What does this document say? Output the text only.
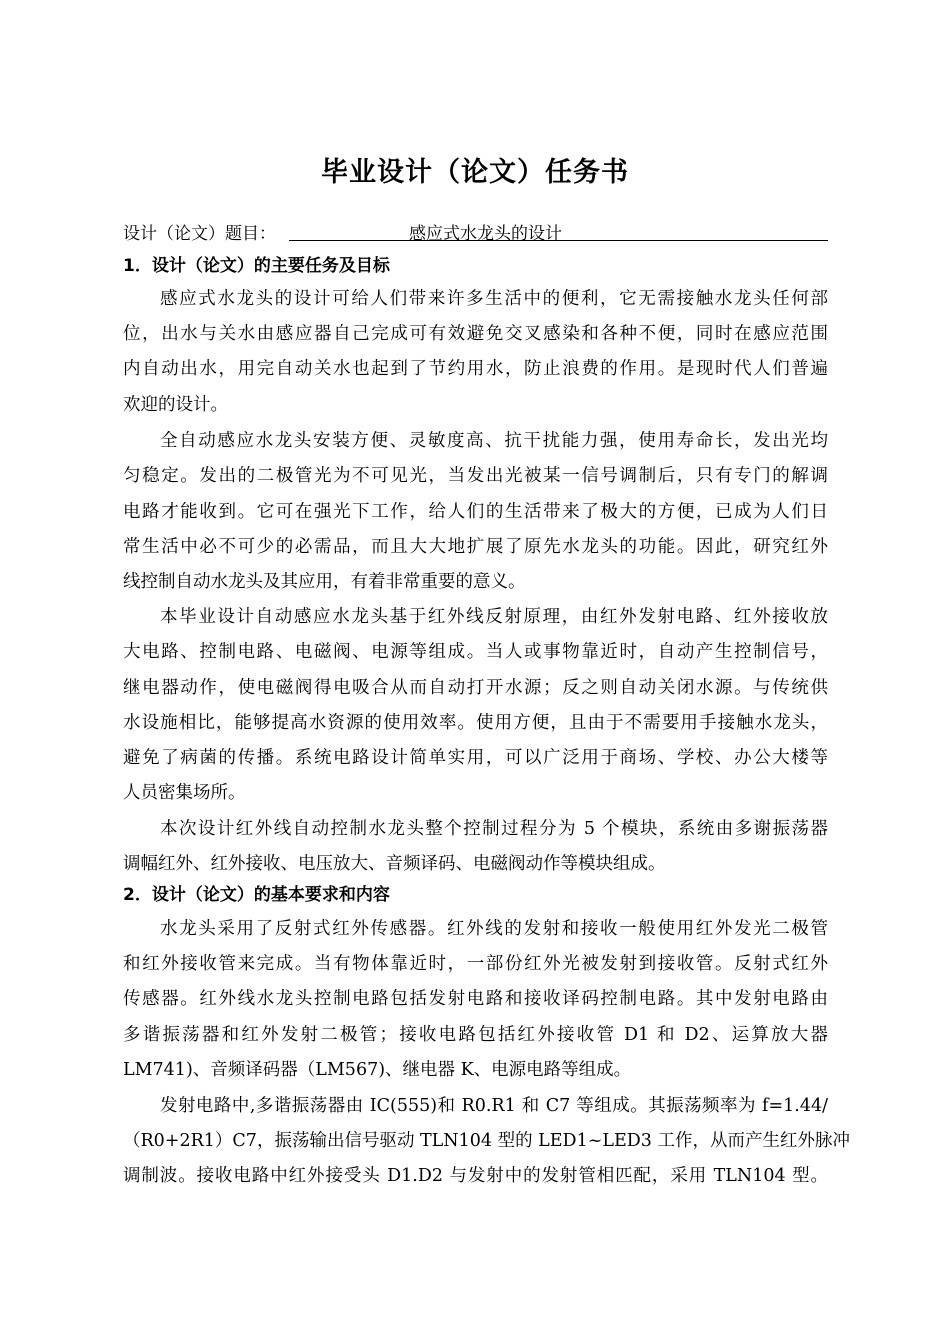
毕业设计（论文）任务书
设计（论文）题目：	感应式水龙头的设计
1．设计（论文）的主要任务及目标
感应式水龙头的设计可给人们带来许多生活中的便利，它无需接触水龙头任何部
位，出水与关水由感应器自己完成可有效避免交叉感染和各种不便，同时在感应范围
内自动出水，用完自动关水也起到了节约用水，防止浪费的作用。是现时代人们普遍
欢迎的设计。
全自动感应水龙头安装方便、灵敏度高、抗干扰能力强，使用寿命长，发出光均
匀稳定。发出的二极管光为不可见光，当发出光被某一信号调制后，只有专门的解调
电路才能收到。它可在强光下工作，给人们的生活带来了极大的方便，已成为人们日
常生活中必不可少的必需品，而且大大地扩展了原先水龙头的功能。因此，研究红外
线控制自动水龙头及其应用，有着非常重要的意义。
本毕业设计自动感应水龙头基于红外线反射原理，由红外发射电路、红外接收放
大电路、控制电路、电磁阀、电源等组成。当人或事物靠近时，自动产生控制信号，
继电器动作，使电磁阀得电吸合从而自动打开水源；反之则自动关闭水源。与传统供
水设施相比，能够提高水资源的使用效率。使用方便，且由于不需要用手接触水龙头，
避免了病菌的传播。系统电路设计简单实用，可以广泛用于商场、学校、办公大楼等
人员密集场所。
本次设计红外线自动控制水龙头整个控制过程分为 5 个模块，系统由多谢振荡器
调幅红外、红外接收、电压放大、音频译码、电磁阀动作等模块组成。
2．设计（论文）的基本要求和内容
水龙头采用了反射式红外传感器。红外线的发射和接收一般使用红外发光二极管
和红外接收管来完成。当有物体靠近时，一部份红外光被发射到接收管。反射式红外
传感器。红外线水龙头控制电路包括发射电路和接收译码控制电路。其中发射电路由
多谐振荡器和红外发射二极管；接收电路包括红外接收管 D1 和 D2、运算放大器
LM741)、音频译码器（LM567)、继电器 K、电源电路等组成。
发射电路中,多谐振荡器由 IC(555)和 R0.R1 和 C7 等组成。其振荡频率为 f=1.44/
（R0+2R1）C7，振荡输出信号驱动 TLN104 型的 LED1~LED3 工作，从而产生红外脉冲
调制波。接收电路中红外接受头 D1.D2 与发射中的发射管相匹配，采用 TLN104 型。
